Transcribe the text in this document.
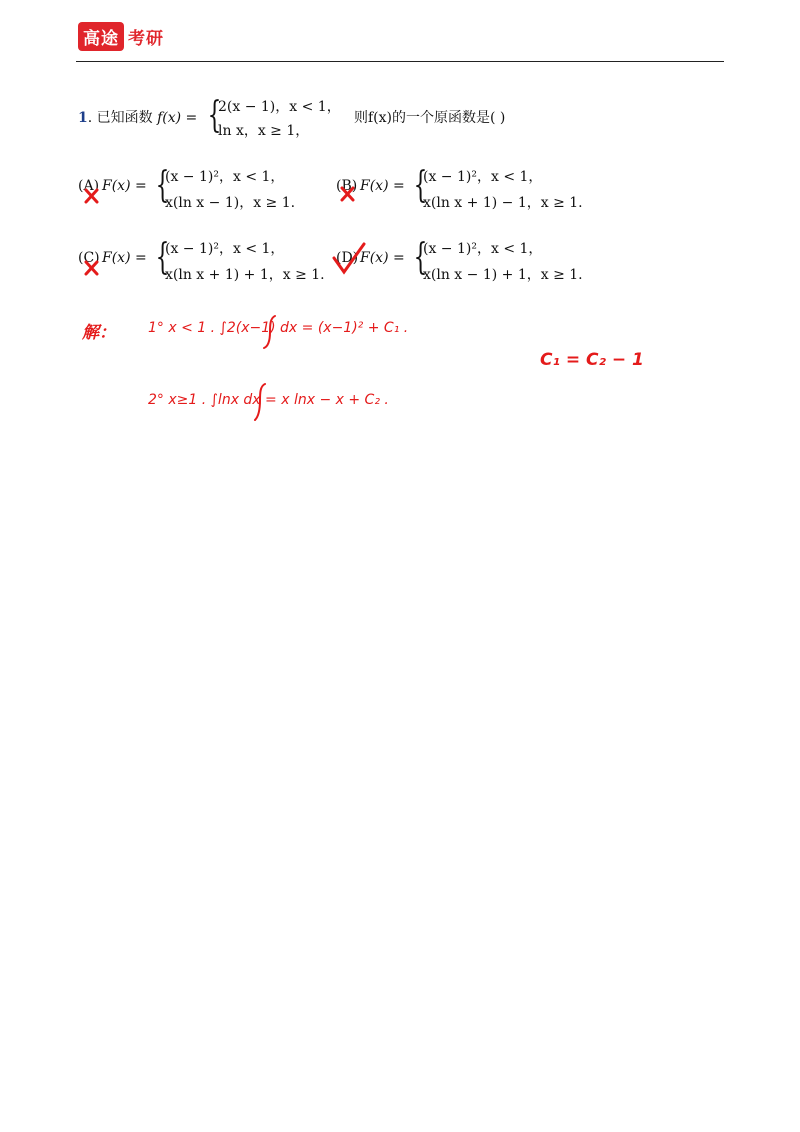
高途 考研
1. 已知函数 f(x) = {
2(x − 1)，x < 1，
ln x，x ≥ 1，
则f(x)的一个原函数是( )
(A) F(x) = {
(x − 1)²，x < 1，
x(ln x − 1)，x ≥ 1.
(B) F(x) = {
(x − 1)²，x < 1，
x(ln x + 1) − 1，x ≥ 1.
(C) F(x) = {
(x − 1)²，x < 1，
x(ln x + 1) + 1，x ≥ 1.
(D) F(x) = {
(x − 1)²，x < 1，
x(ln x − 1) + 1，x ≥ 1.
解： 1° x < 1 . ∫2(x−1) dx = (x−1)² + C₁ .
C₁ = C₂ − 1
2° x≥1 . ∫lnx dx = x lnx − x + C₂ .
